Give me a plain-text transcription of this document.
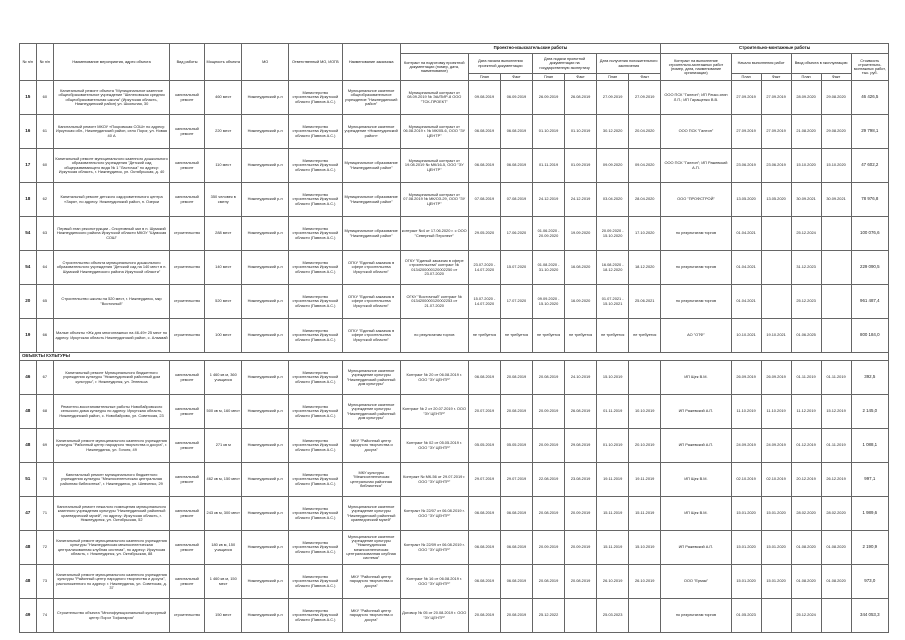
№ п/п	№ п/п	Наименование мероприятия, адрес объекта	Вид работы	Мощность объекта	МО	Ответственный МО, ИОГВ	Наименование заказчика	Проектно-изыскательские работы							Строительно-монтажные работы					
								Контракт на подготовку проектной документации (номер, дата, наименование)	Дата начала выполнения проектной документации		Дата подачи проектной документации на государственную экспертизу		Дата получения положительного заключения		Контракт на выполнение строительно-монтажных работ (номер, дата, наименование организации)	Начало выполнения работ		Ввод объекта в эксплуатацию		Стоимость строительно-монтажных работ, тыс. руб.
									План	Факт	План	Факт	План	Факт		План	Факт	План	Факт	
15	60	Капитальный ремонт объекта "Муниципальное казенное общеобразовательное учреждение "Шелеховская средняя общеобразовательная школа" (Иркутская область, Нижнеудинский район) ул. Школьная, 30	капитальный ремонт	460 мест	Нижнеудинский р-н	Министерство строительства Иркутской области (Павлов А.С.)	Муниципальное казенное общеобразовательное учреждение "Нижнеудинский район"	Муниципальный контракт от 08.09.2019 № ЭА/ПИР-8 ООО "ТСК-ПРОЕКТ"	09.08.2019	06.09.2019	26.09.2019	26.08.2019	27.09.2019	27.09.2019	ООО ПСК "Галеон"; ИП Рачко-ягин Л.П.; ИП Гаращенко В.В.	27.09.2019	27.09.2019	28.09.2020	29.08.2020	46 426,5
16	61	Капитальный ремонт МКОУ «Покровская СОШ» по адресу: Иркутская обл., Нижнеудинский район, село Порог, ул. Новая 40 А	капитальный ремонт	220 мест	Нижнеудинский р-н	Министерство строительства Иркутской области (Павлов А.С.)	Муниципальное казенное учреждение «Нижнеудинский район»	Муниципальный контракт от 06.08.2019 г. № МК/05-6, ООО "ЗУ ЦЕНТР"	06.08.2019	06.08.2019	01.10.2019	01.10.2019	30.12.2020	20.04.2020	ООО ПСК "Галеон"	27.09.2019	27.09.2019	21.08.2020	29.08.2020	29 798,1
17	60	Капитальный ремонт муниципального казенного дошкольного образовательного учреждения "Детский сад общеразвивающего вида № 1 "Ласточка" по адресу: Иркутская область, г. Нижнеудинск, ул. Октябрьская, д. 40	капитальный ремонт	110 мест	Нижнеудинский р-н	Министерство строительства Иркутской области (Павлов А.С.)	Муниципальное образование "Нижнеудинский район"	Муниципальный контракт от 19.08.2019 № МК/16-5, ООО "ЗУ ЦЕНТР"	06.08.2019	06.08.2019	01.11.2019	01.09.2019	09.09.2020	09.04.2020	ООО ПСК "Галеон"; ИП Ражевский А.П.	23.06.2019	23.06.2019	15.10.2020	15.10.2020	47 602,2
18	62	Капитальный ремонт детского оздоровительного центра «Заря», по адресу: Нижнеудинский район, п. Озерки	капитальный ремонт	350 человек в смену	Нижнеудинский р-н	Министерство строительства Иркутской области (Павлов А.С.)	Муниципальное образование "Нижнеудинский район"	Муниципальный контракт от 07.08.2019 № МК/ОЗ-29, ООО "ЗУ ЦЕНТР"	07.08.2019	07.08.2019	24.12.2019	24.12.2019	03.04.2020	28.04.2020	ООО "ПРОФСТРОЙ"	13.05.2020	13.05.2020	30.09.2021	30.09.2021	78 976,8
54	63	Первый этап реконструкции - Спортивный зал в п. Шумский Нижнеудинского района Иркутской области МКОУ "Шумская СОШ"	строительство	288 мест	Нижнеудинский р-н	Министерство строительства Иркутской области (Павлов А.С.)	Муниципальное образование "Нижнеудинский район"	контракт №4 от 17.06.2020 г. с ООО "Северный Перспект"	29.05.2020	17.06.2020	01.06.2020 - 20.09.2020	19.09.2020	20.09.2020 - 15.10.2020	17.10.2020	по результатам торгов	01.04.2021		25.12.2024		100 076,6
54	64	Строительство объекта муниципального дошкольного образовательного учреждения "Детский сад на 140 мест в п. Шумский Нижнеудинского района Иркутской области"	строительство	140 мест	Нижнеудинский р-н	Министерство строительства Иркутской области (Павлов А.С.)	ОГКУ "Единый заказчик в сфере строительства Иркутской области"	ОГКУ "Единый заказчик в сфере строительства" контракт № 0134200000120002250 от 23.07.2020	23.07.2020 - 14.07.2020	15.07.2020	01.08.2020 - 31.10.2020	16.08.2020	16.08.2020 - 18.12.2020	18.12.2020	по результатам торгов	01.04.2021		31.12.2023		229 090,5
20	65	Строительство школы на 520 мест, г. Нижнеудинск, мкр "Восточный"	строительство	520 мест	Нижнеудинский р-н	Министерство строительства Иркутской области (Павлов А.С.)	ОГКУ "Единый заказчик в сфере строительства Иркутской области"	ОГКУ "Восточный" контракт № 0134200000120002253 от 21.07.2020	15.07.2020 - 14.07.2020	17.07.2020	09.09.2020 - 15.10.2020	16.09.2020	01.07.2021 - 15.10.2021	25.06.2021	по результатам торгов	01.04.2021		25.12.2023		961 487,4
19	66	Малые объекты «Жк для многоэтажных на 46-49» 25 мест по адресу: Иркутская область Нижнеудинский район, с. Алзамай	строительство	100 мест	Нижнеудинский р-н	Министерство строительства Иркутской области (Павлов А.С.)	ОГКУ "Единый заказчик в сфере строительства Иркутской области"	по результатам торгов	не требуется	не требуется	не требуется	не требуется	не требуется	не требуется	АО "ОТФ"	10.10.2021	19.10.2021	01.06.2025		800 184,0
ОБЪЕКТЫ КУЛЬТУРЫ																				
46	67	Капитальный ремонт Муниципального бюджетного учреждения культуры "Нижнеудинский районный дом культуры", г. Нижнеудинск, ул. Энгельса	капитальный ремонт	1 460 кв м, 360 учащихся	Нижнеудинский р-н	Министерство строительства Иркутской области (Павлов А.С.)	Муниципальное казенное учреждение культуры "Нижнеудинский районный дом культуры"	Контракт № 20 от 06.08.2019 г. ООО "ЗУ ЦЕНТР"	06.08.2019	20.08.2019	20.08.2019	24.10.2019	15.10.2019		ИП Щек В.М.	26.09.2019	26.09.2019	01.11.2019	01.11.2019	392,5
48	68	Ремонтно-восстановительные работы Новобайровского сельского дома культуры по адресу: Иркутская область, Нижнеудинский район, с. Новобайрово, ул. Советская, 23	капитальный ремонт	500 кв м, 160 мест	Нижнеудинский р-н	Министерство строительства Иркутской области (Павлов А.С.)	Муниципальное казенное учреждение культуры "Нижнеудинский районный дом культуры"	Контракт № 2 от 20.07.2019 г. ООО "ЗУ ЦЕНТР"	20.07.2019	20.08.2019	20.09.2019	26.08.2019	01.11.2019	10.10.2019	ИП Ражевский А.П.	11.10.2019	11.10.2019	11.12.2019	15.12.2019	2 145,0
48	69	Капитальный ремонт муниципального казенного учреждения культуры "Районный центр народного творчества и досуга", г. Нижнеудинск, ул. Гоголя, 49	капитальный ремонт	271 кв м	Нижнеудинский р-н	Министерство строительства Иркутской области (Павлов А.С.)	МКУ "Районный центр народного творчества и досуга"	Контракт № 02 от 05.05.2019 г. ООО "ЗУ ЦЕНТР"	05.05.2019	05.05.2019	20.09.2019	29.08.2019	01.10.2019	20.10.2019	ИП Ражевский А.П.	24.09.2019	24.09.2019	01.12.2019	01.11.2019	1 088,1
51	70	Капитальный ремонт муниципального бюджетного учреждения культуры "Межпоселенческая центральная районная библиотека", г. Нижнеудинск, ул. Шевченко, 29	капитальный ремонт	462 кв м, 150 мест	Нижнеудинский р-н	Министерство строительства Иркутской области (Павлов А.С.)	МКУ культуры "Межпоселенческая центральная районная библиотека"	Контракт № МК-56 от 29.07.2019 г. ООО "ЗУ ЦЕНТР"	29.07.2019	29.07.2019	22.08.2019	23.08.2019	19.11.2019	19.11.2019	ИП Щек В.М.	02.10.2019	02.10.2019	20.12.2019	26.12.2019	997,1
47	71	Капитальный ремонт нежилого помещения муниципального казенного учреждения культуры "Нижнеудинский районный краеведческий музей", по адресу: Иркутская область, г. Нижнеудинск, ул. Октябрьская, 52	капитальный ремонт	243 кв м, 300 мест	Нижнеудинский р-н	Министерство строительства Иркутской области (Павлов А.С.)	Муниципальное казенное учреждение культуры "Нижнеудинский районный краеведческий музей"	Контракт № 22/07 от 06.08.2019 г. ООО "ЗУ ЦЕНТР"	06.08.2019	06.08.2019	20.08.2019	20.09.2019	15.11.2019	15.11.2019	ИП Щек В.М.	15.01.2020	15.01.2020	28.02.2020	28.02.2020	1 989,6
48	72	Капитальный ремонт муниципального казенного учреждения культуры "Нижнеудинская межпоселенческая централизованная клубная система", по адресу: Иркутская область, г. Нижнеудинск, ул. Октябрьская, 88	капитальный ремонт	180 кв м, 150 учащихся	Нижнеудинский р-н	Министерство строительства Иркутской области (Павлов А.С.)	Муниципальное казенное учреждение культуры "Нижнеудинская межпоселенческая централизованная клубная система"	Контракт № 22/09 от 06.08.2019 г. ООО "ЗУ ЦЕНТР"	06.08.2019	06.08.2019	20.09.2019	20.09.2019	15.11.2019	15.10.2019	ИП Ражевский А.П.	15.01.2020	15.01.2020	01.08.2020	01.08.2020	2 190,9
48	73	Капитальный ремонт муниципального казенного учреждения культуры "Районный центр народного творчества и досуга", расположенного по адресу: г. Нижнеудинск, ул. Советская, д. 37	капитальный ремонт	1 460 кв м, 150 мест	Нижнеудинский р-н	Министерство строительства Иркутской области (Павлов А.С.)	МКУ "Районный центр народного творчества и досуга"	Контракт № 16 от 06.08.2019 г. ООО "ЗУ ЦЕНТР"	06.08.2019	06.08.2019	20.08.2019	20.08.2019	26.10.2019	26.10.2019	ООО "Ермак"	15.01.2020	15.01.2020	01.08.2020	01.08.2020	973,0
49	74	Строительство объекта "Многофункциональный культурный центр Порог Тофалария"	строительство	150 мест	Нижнеудинский р-н	Министерство строительства Иркутской области (Павлов А.С.)	МКУ "Районный центр народного творчества и досуга"	Договор № 05 от 20.08.2019 г. ООО "ЗУ ЦЕНТР"	20.08.2019	20.08.2019	25.12.2022		25.03.2023		по результатам торгов	01.05.2023		25.12.2024		344 053,3
